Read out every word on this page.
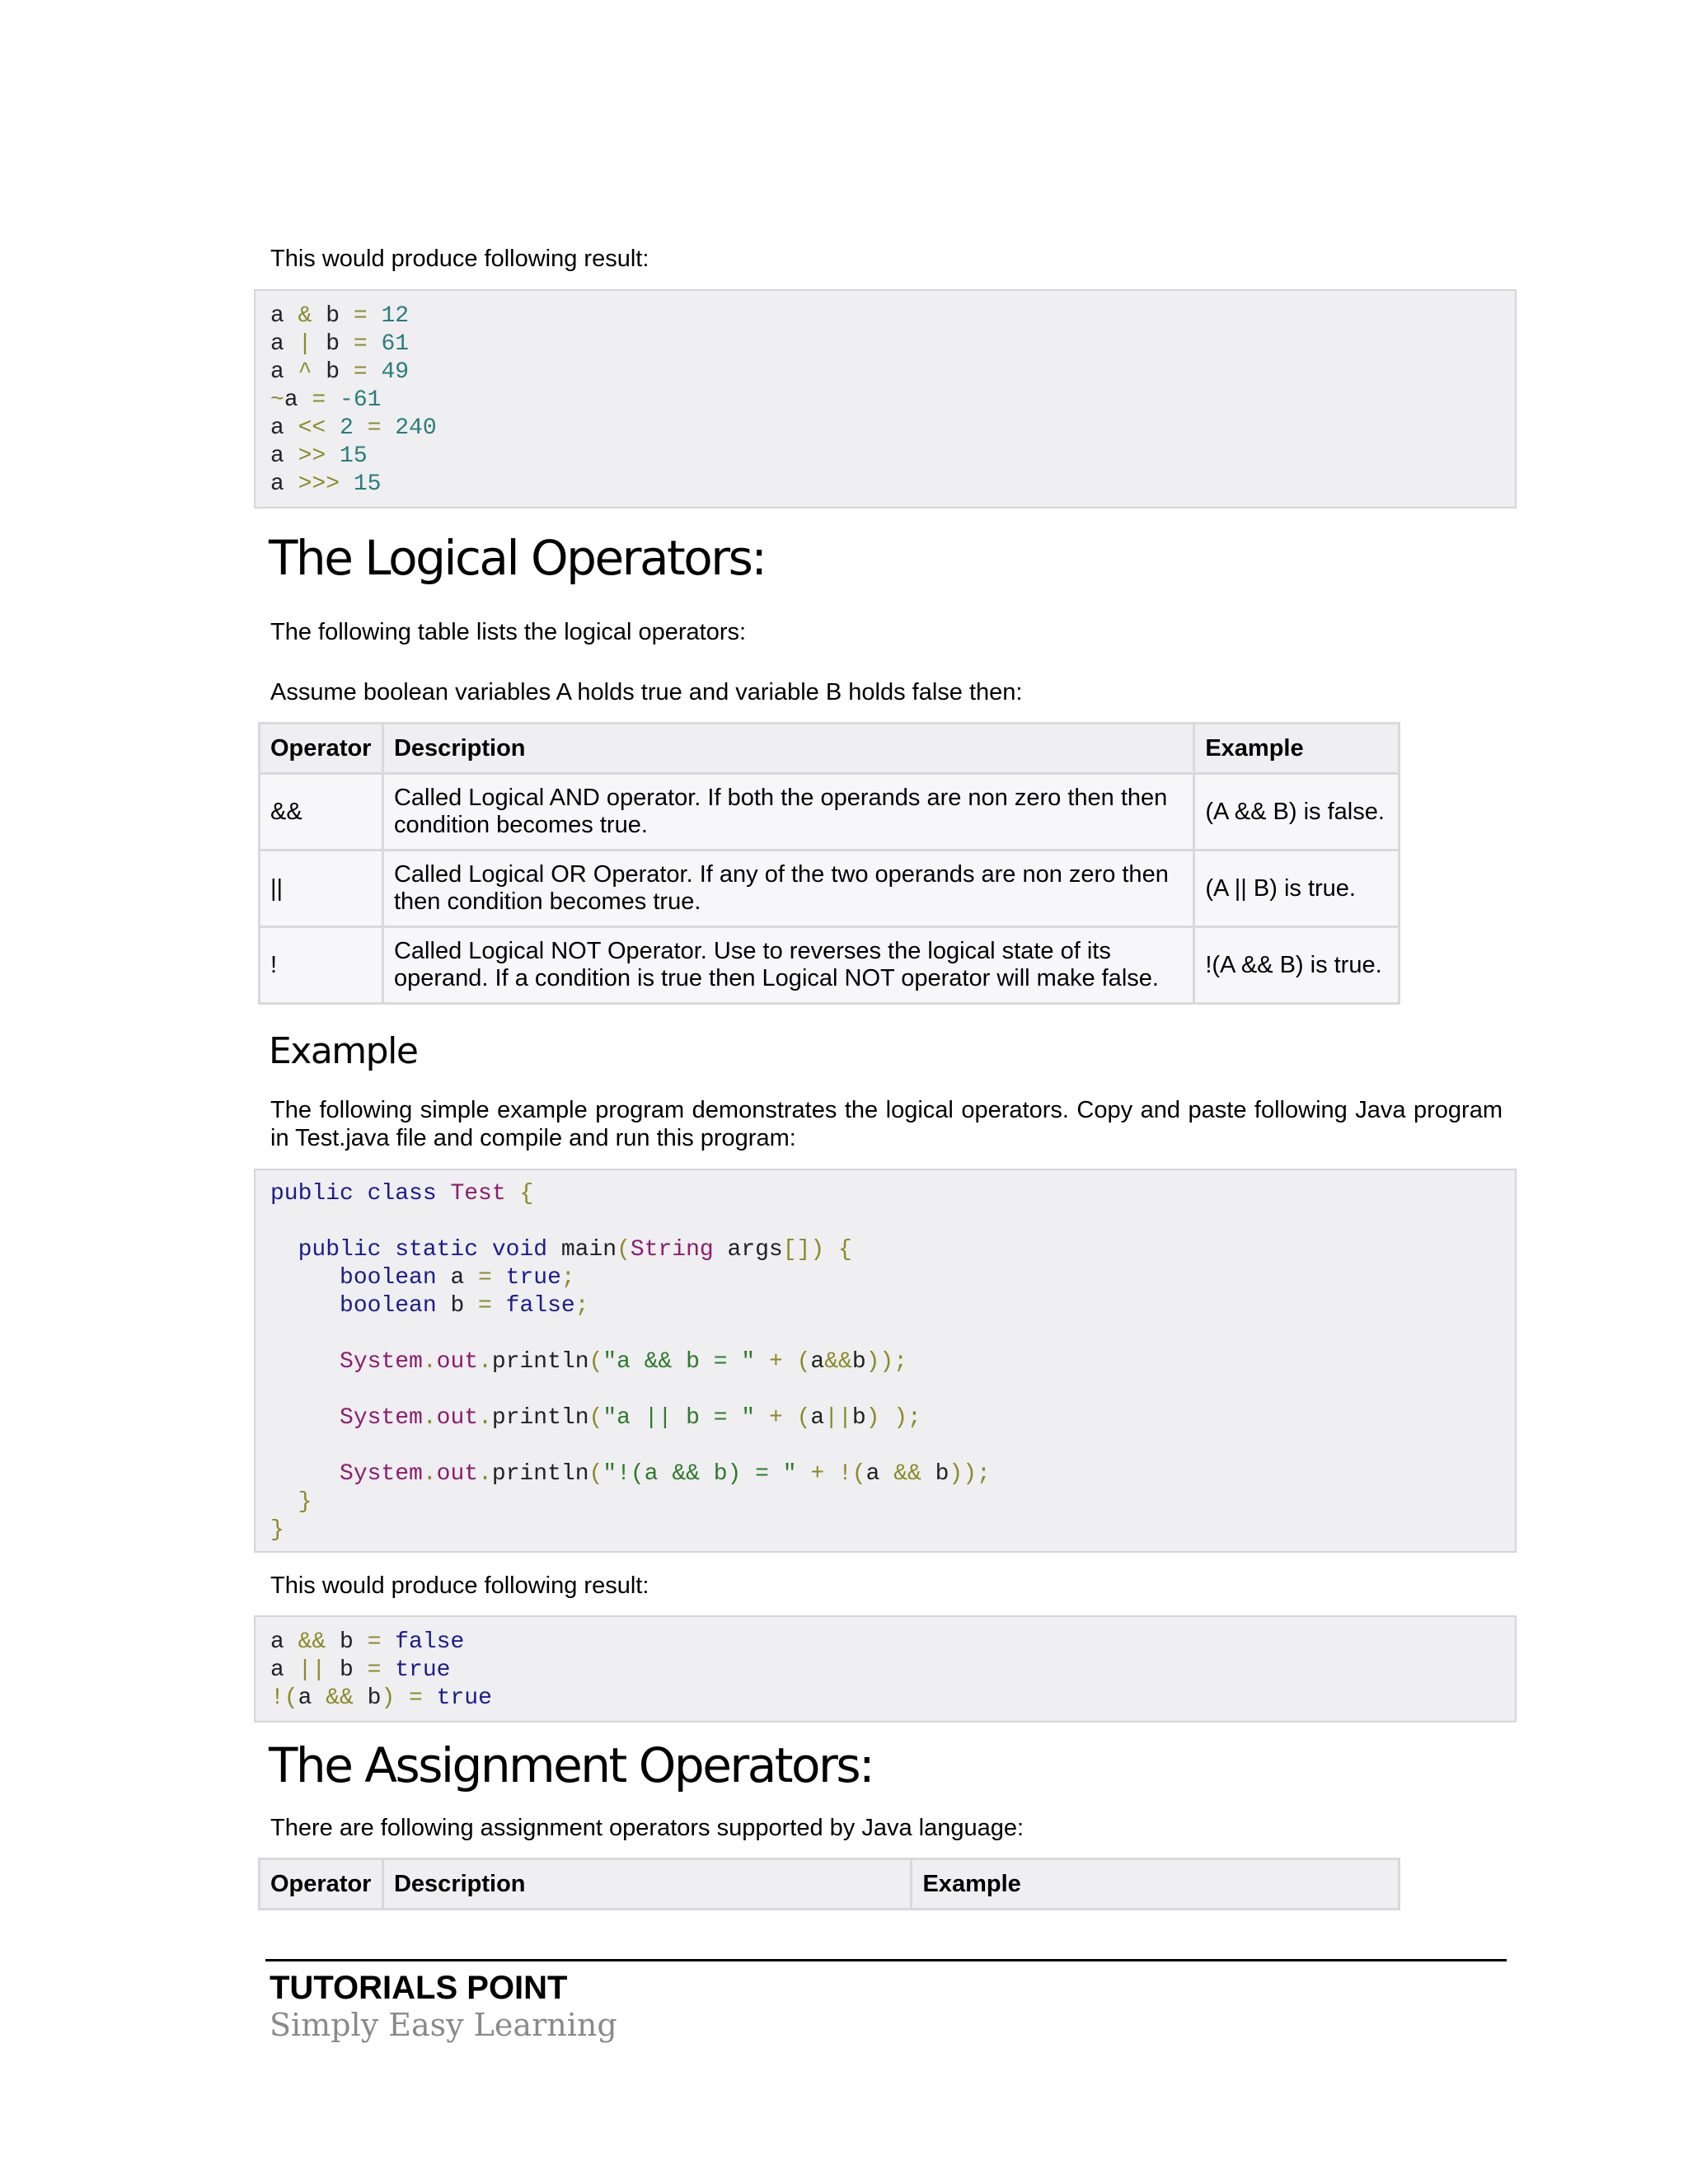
This would produce following result:

a & b = 12
a | b = 61
a ^ b = 49
~a = -61
a << 2 = 240
a >> 15
a >>> 15
The Logical Operators:

The following table lists the logical operators:

Assume boolean variables A holds true and variable B holds false then:

Operator	Description	Example
&&	Called Logical AND operator. If both the operands are non zero then then condition becomes true.	(A && B) is false.
||	Called Logical OR Operator. If any of the two operands are non zero then then condition becomes true.	(A || B) is true.
!	Called Logical NOT Operator. Use to reverses the logical state of its operand. If a condition is true then Logical NOT operator will make false.	!(A && B) is true.
Example

The following simple example program demonstrates the logical operators. Copy and paste following Java program in Test.java file and compile and run this program:

public class Test {

public static void main(String args[]) {
boolean a = true;
boolean b = false;

System.out.println("a && b = " + (a&&b));

System.out.println("a || b = " + (a||b) );

System.out.println("!(a && b) = " + !(a && b));
}
}

This would produce following result:

a && b = false
a || b = true
!(a && b) = true
The Assignment Operators:

There are following assignment operators supported by Java language:

Operator	Description	Example
TUTORIALS POINT
Simply Easy Learning
